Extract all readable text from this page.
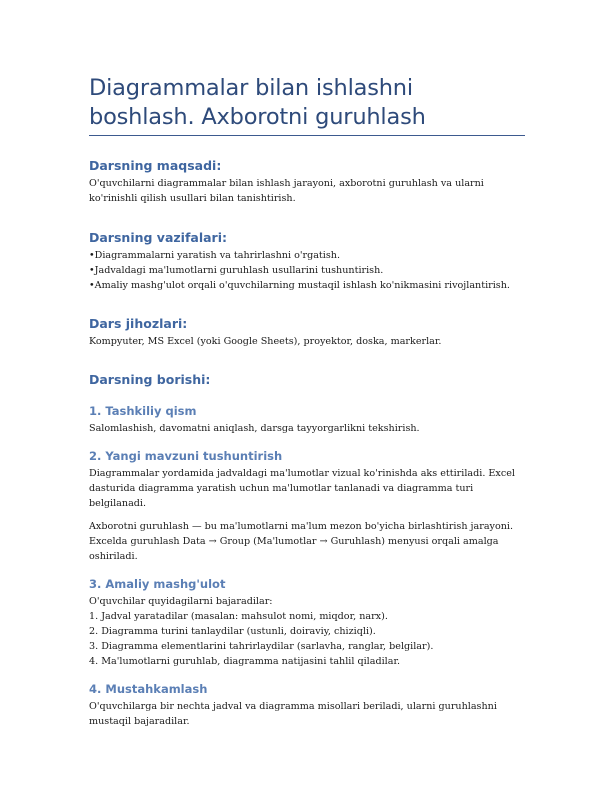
Diagrammalar bilan ishlashni boshlash. Axborotni guruhlash
Darsning maqsadi:

O'quvchilarni diagrammalar bilan ishlash jarayoni, axborotni guruhlash va ularni ko'rinishli qilish usullari bilan tanishtirish.

Darsning vazifalari:
• Diagrammalarni yaratish va tahrirlashni o'rgatish.
• Jadvaldagi ma'lumotlarni guruhlash usullarini tushuntirish.
• Amaliy mashg'ulot orqali o'quvchilarning mustaqil ishlash ko'nikmasini rivojlantirish.
Dars jihozlari:

Kompyuter, MS Excel (yoki Google Sheets), proyektor, doska, markerlar.

Darsning borishi:
1. Tashkiliy qism

Salomlashish, davomatni aniqlash, darsga tayyorgarlikni tekshirish.

2. Yangi mavzuni tushuntirish

Diagrammalar yordamida jadvaldagi ma'lumotlar vizual ko'rinishda aks ettiriladi. Excel dasturida diagramma yaratish uchun ma'lumotlar tanlanadi va diagramma turi belgilanadi.

Axborotni guruhlash — bu ma'lumotlarni ma'lum mezon bo'yicha birlashtirish jarayoni. Excelda guruhlash Data → Group (Ma'lumotlar → Guruhlash) menyusi orqali amalga oshiriladi.

3. Amaliy mashg'ulot

O'quvchilar quyidagilarni bajaradilar:

1. Jadval yaratadilar (masalan: mahsulot nomi, miqdor, narx).
2. Diagramma turini tanlaydilar (ustunli, doiraviy, chiziqli).
3. Diagramma elementlarini tahrirlaydilar (sarlavha, ranglar, belgilar).
4. Ma'lumotlarni guruhlab, diagramma natijasini tahlil qiladilar.
4. Mustahkamlash

O'quvchilarga bir nechta jadval va diagramma misollari beriladi, ularni guruhlashni mustaqil bajaradilar.
